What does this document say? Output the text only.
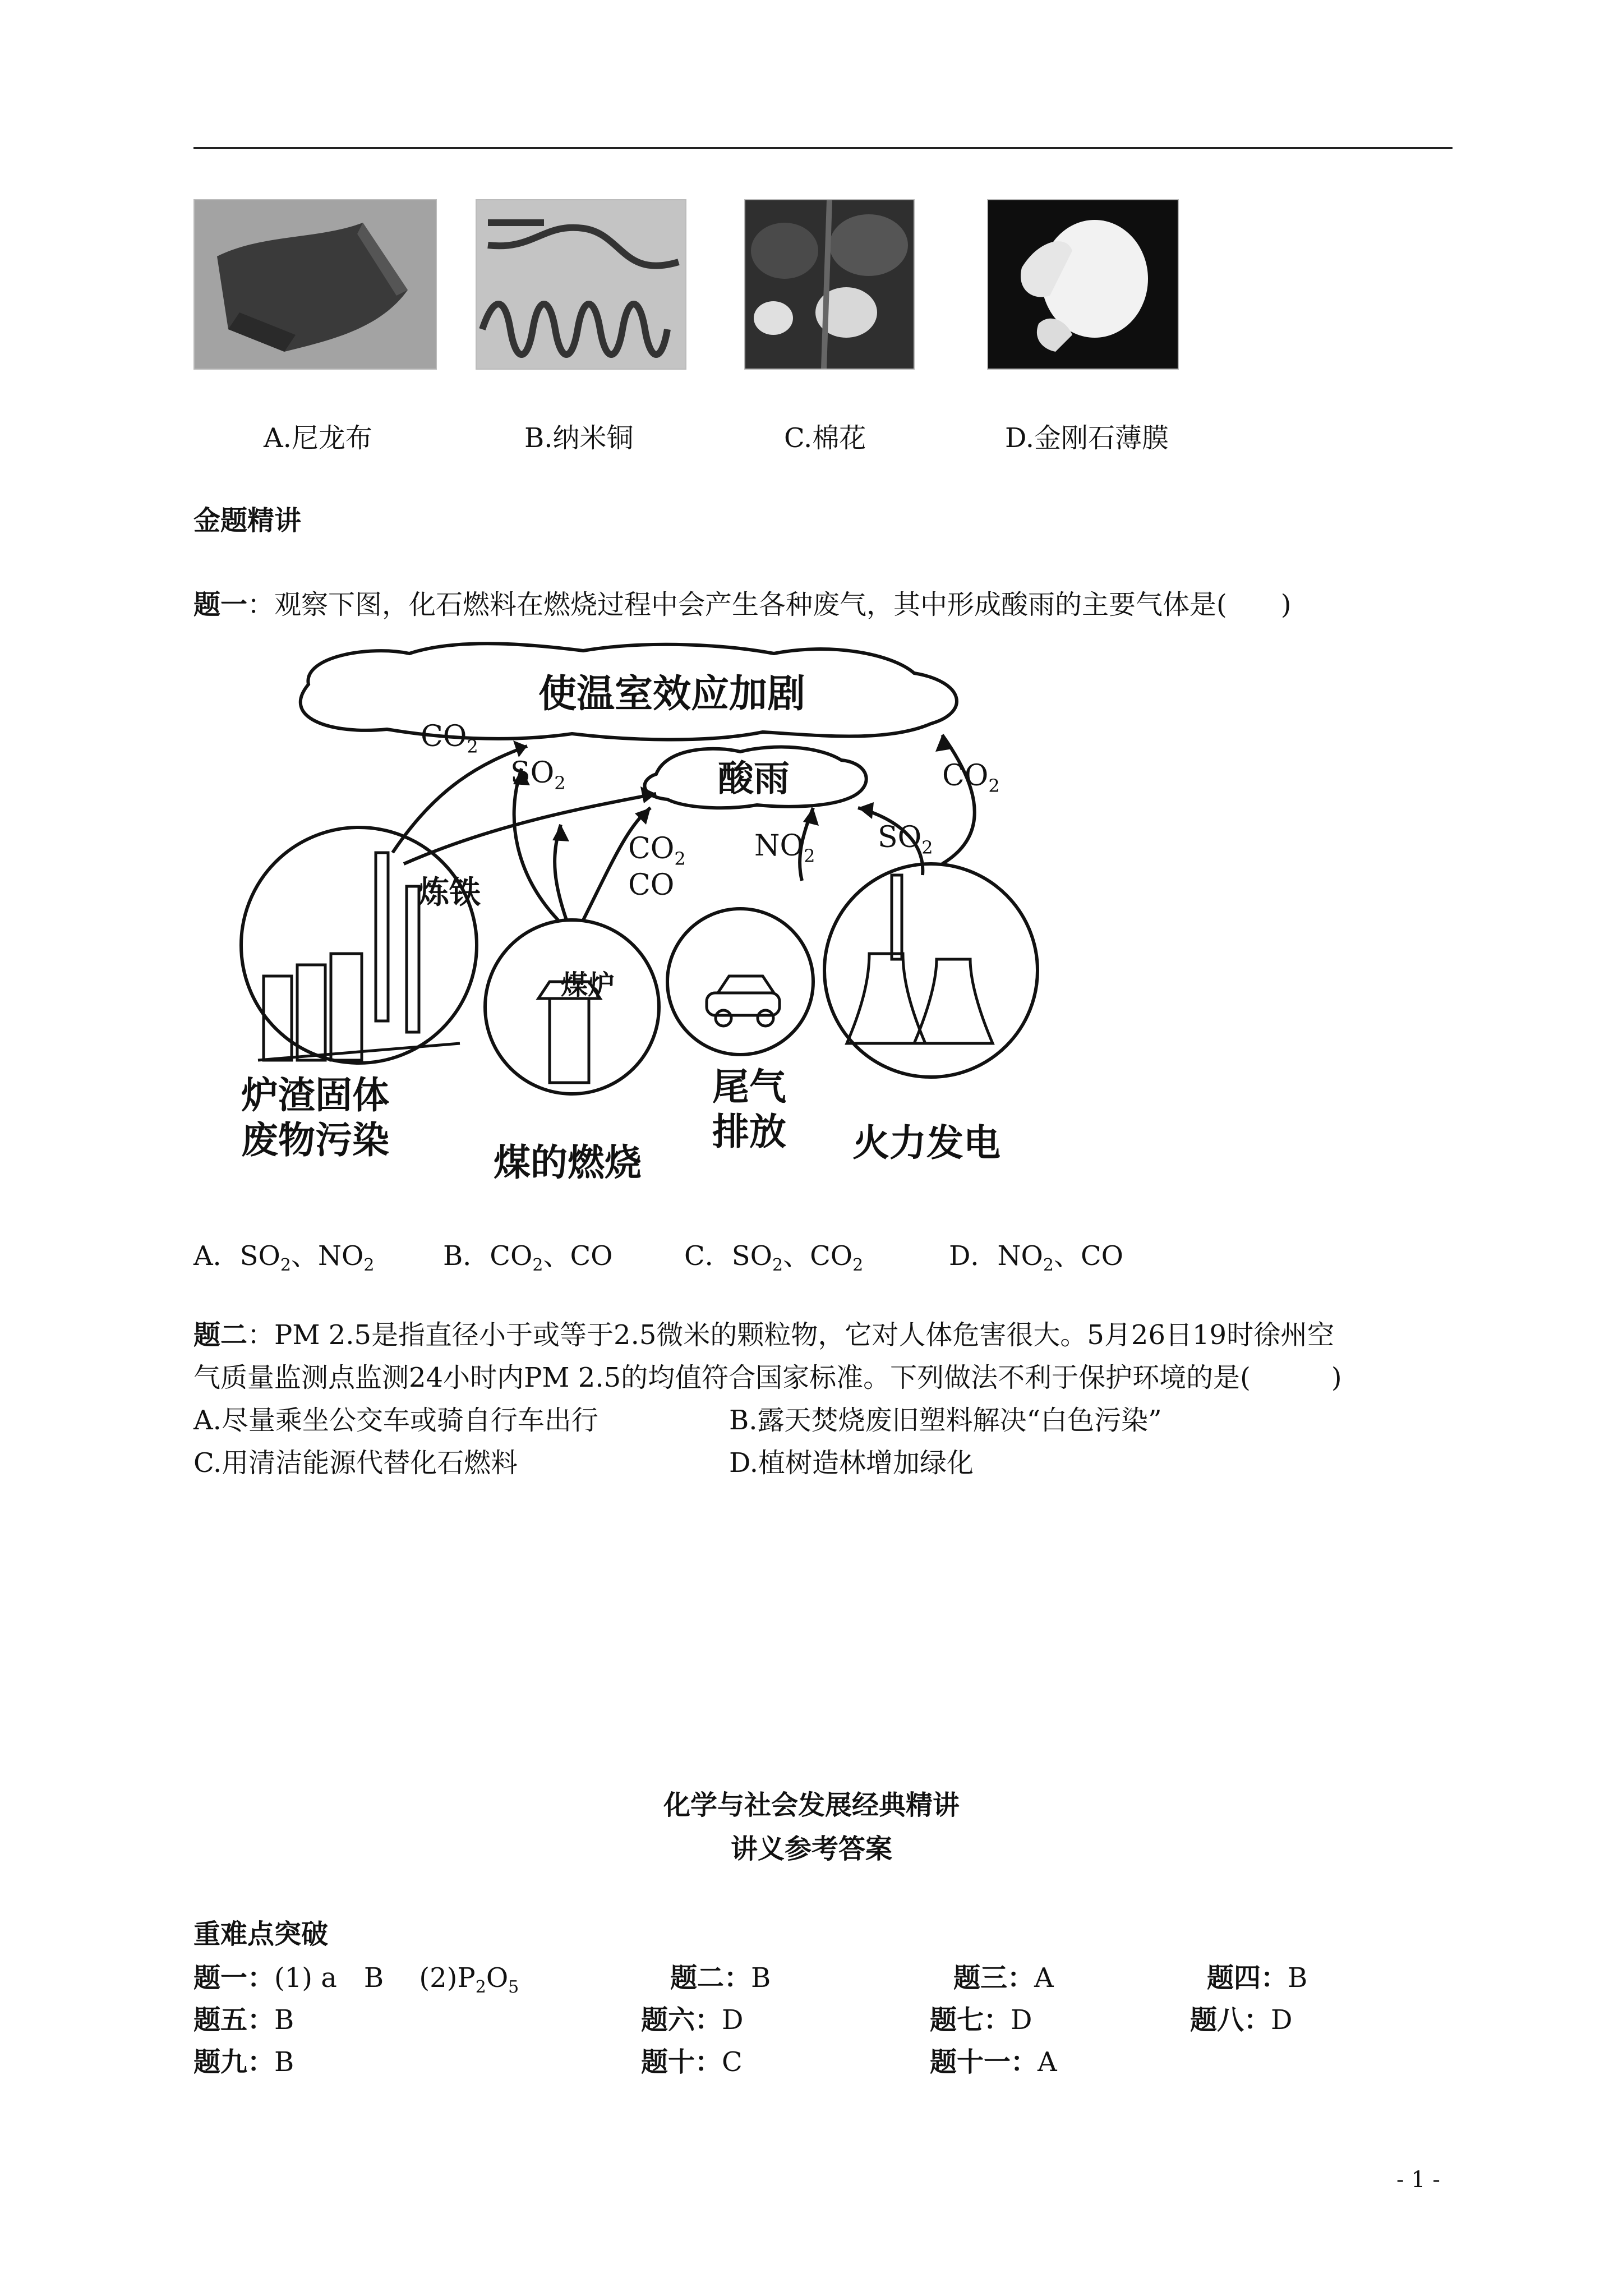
A.尼龙布	B.纳米铜	C.棉花	D.金刚石薄膜
金题精讲
题一：观察下图，化石燃料在燃烧过程中会产生各种废气，其中形成酸雨的主要气体是(　　)
使温室效应加剧
酸雨
炼铁
煤炉
炉渣固体
废物污染
煤的燃烧
尾气
排放 火力发电
$CO_2$
$SO_2$
$CO_2$
CO
$NO_2$
$SO_2$
$CO_2$
A．$SO_2$、$NO_2$	B．$CO_2$、CO	C．$SO_2$、$CO_2$	D．$NO_2$、CO
题二：PM 2.5是指直径小于或等于2.5微米的颗粒物，它对人体危害很大。5月26日19时徐州空
气质量监测点监测24小时内PM 2.5的均值符合国家标准。下列做法不利于保护环境的是(　　　)
A.尽量乘坐公交车或骑自行车出行	B.露天焚烧废旧塑料解决“白色污染”
C.用清洁能源代替化石燃料	D.植树造林增加绿化
化学与社会发展经典精讲
讲义参考答案
重难点突破
题一：(1) a　B　 $(2)P_2O_5$	题二：B	题三：A	题四：B
题五：B	题六：D	题七：D	题八：D
题九：B	题十：C	题十一：A
- 1 -
